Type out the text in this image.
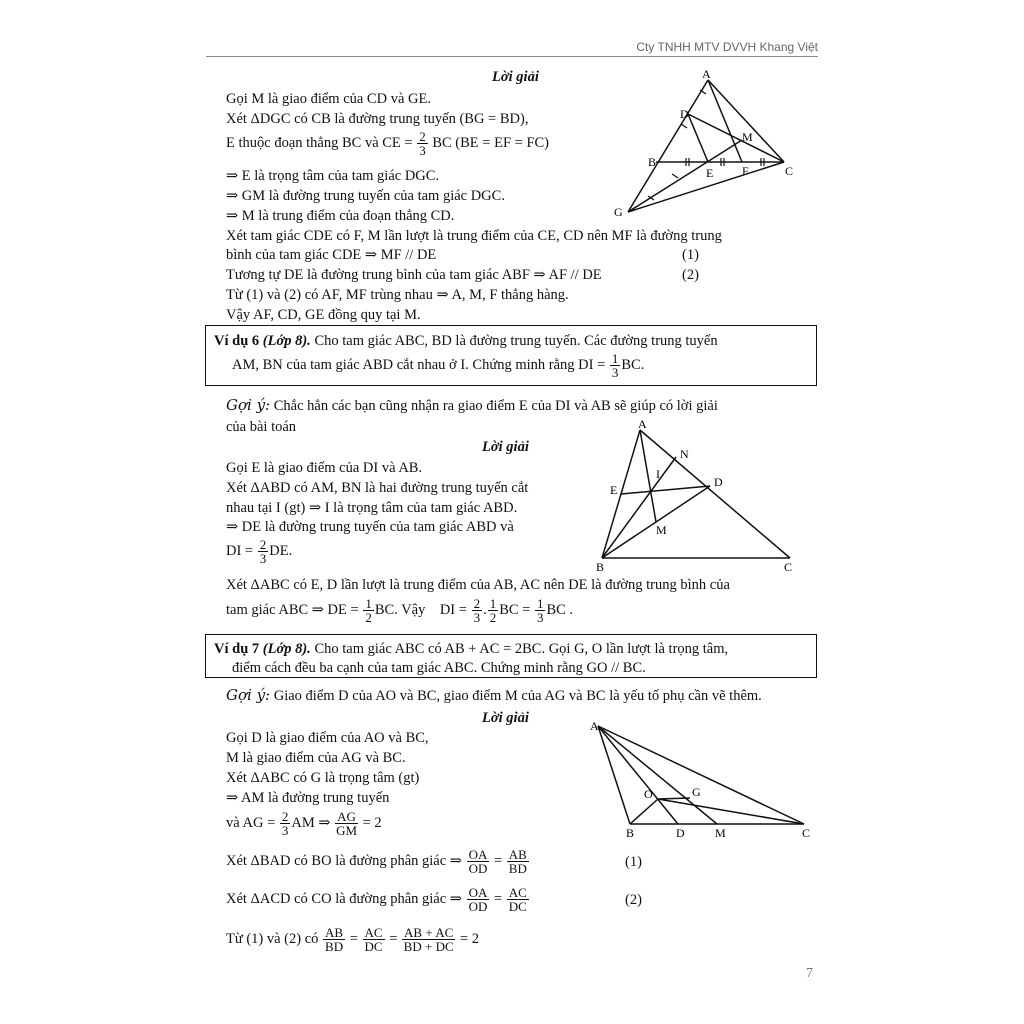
Cty TNHH MTV DVVH Khang Việt
Lời giải
Gọi M là giao điểm của CD và GE.
Xét ΔDGC có CB là đường trung tuyến (BG = BD),
E thuộc đoạn thẳng BC và CE = $\frac{2}{3}$ BC (BE = EF = FC)
⇒ E là trọng tâm của tam giác DGC.
⇒ GM là đường trung tuyến của tam giác DGC.
⇒ M là trung điểm của đoạn thẳng CD.
Xét tam giác CDE có F, M lần lượt là trung điểm của CE, CD nên MF là đường trung
bình của tam giác CDE ⇒ MF // DE	(1)
Tương tự DE là đường trung bình của tam giác ABF ⇒ AF // DE	(2)
Từ (1) và (2) có AF, MF trùng nhau ⇒ A, M, F thẳng hàng.
Vậy AF, CD, GE đồng quy tại M.
A
D
M
B
E F	C
G
Ví dụ 6 (Lớp 8). Cho tam giác ABC, BD là đường trung tuyến. Các đường trung tuyến
AM, BN của tam giác ABD cắt nhau ở I. Chứng minh rằng DI = $\frac{1}{3}$ BC.
Gợi ý: Chắc hẳn các bạn cũng nhận ra giao điểm E của DI và AB sẽ giúp có lời giải
của bài toán
Lời giải
Gọi E là giao điểm của DI và AB.
Xét ΔABD có AM, BN là hai đường trung tuyến cắt
nhau tại I (gt) ⇒ I là trọng tâm của tam giác ABD.
⇒ DE là đường trung tuyến của tam giác ABD và
DI = $\frac{2}{3}$ DE.
A
N
I
E
D
M
B	C
Xét ΔABC có E, D lần lượt là trung điểm của AB, AC nên DE là đường trung bình của
tam giác ABC ⇒ DE = $\frac{1}{2}$ BC. Vậy DI = $\frac{2}{3}$ . $\frac{1}{2}$ BC = $\frac{1}{3}$ BC .
Ví dụ 7 (Lớp 8). Cho tam giác ABC có AB + AC = 2BC. Gọi G, O lần lượt là trọng tâm,
điểm cách đều ba cạnh của tam giác ABC. Chứng minh rằng GO // BC.
Gợi ý: Giao điểm D của AO và BC, giao điểm M của AG và BC là yếu tố phụ cần vẽ thêm.
Lời giải
Gọi D là giao điểm của AO và BC,
M là giao điểm của AG và BC.
Xét ΔABC có G là trọng tâm (gt)
⇒ AM là đường trung tuyến
và AG = $\frac{2}{3}$ AM ⇒ $\frac{AG}{GM} = 2$
Xét ΔBAD có BO là đường phân giác ⇒ $\frac{OA}{OD} = \frac{AB}{BD}$	(1)
Xét ΔACD có CO là đường phân giác ⇒ $\frac{OA}{OD} = \frac{AC}{DC}$	(2)
Từ (1) và (2) có $\frac{AB}{BD} = \frac{AC}{DC} = \frac{AB + AC}{BD + DC} = 2$
A
O	G
B	D	M	C
7
